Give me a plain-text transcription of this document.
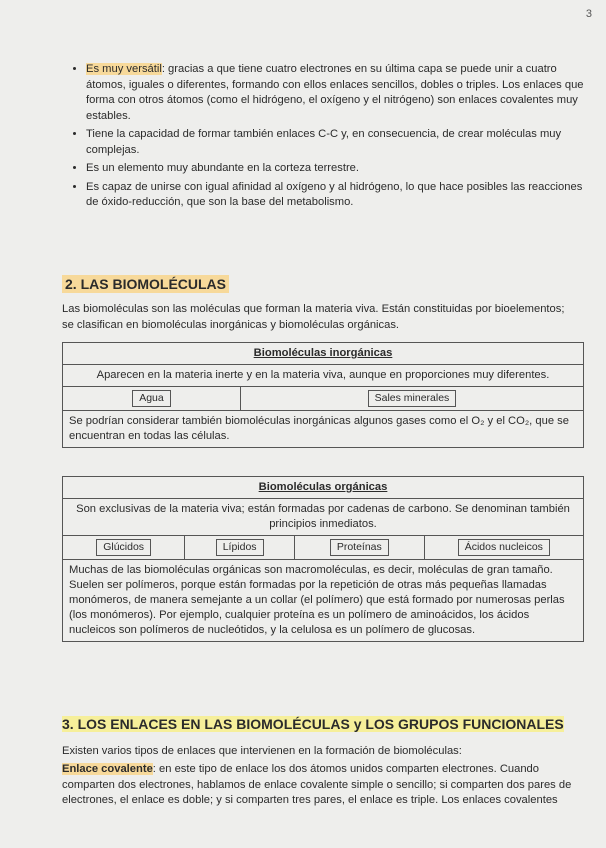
3
• Es muy versátil: gracias a que tiene cuatro electrones en su última capa se puede unir a cuatro átomos, iguales o diferentes, formando con ellos enlaces sencillos, dobles o triples. Los enlaces que forma con otros átomos (como el hidrógeno, el oxígeno y el nitrógeno) son enlaces covalentes muy estables.
• Tiene la capacidad de formar también enlaces C-C y, en consecuencia, de crear moléculas muy complejas.
• Es un elemento muy abundante en la corteza terrestre.
• Es capaz de unirse con igual afinidad al oxígeno y al hidrógeno, lo que hace posibles las reacciones de óxido-reducción, que son la base del metabolismo.
2. LAS BIOMOLÉCULAS
Las biomoléculas son las moléculas que forman la materia viva. Están constituidas por bioelementos; se clasifican en biomoléculas inorgánicas y biomoléculas orgánicas.
Biomoléculas inorgánicas
Aparecen en la materia inerte y en la materia viva, aunque en proporciones muy diferentes.
Agua	Sales minerales
Se podrían considerar también biomoléculas inorgánicas algunos gases como el O₂ y el CO₂, que se encuentran en todas las células.
Biomoléculas orgánicas
Son exclusivas de la materia viva; están formadas por cadenas de carbono. Se denominan también principios inmediatos.
Glúcidos	Lípidos	Proteínas	Ácidos nucleicos
Muchas de las biomoléculas orgánicas son macromoléculas, es decir, moléculas de gran tamaño. Suelen ser polímeros, porque están formadas por la repetición de otras más pequeñas llamadas monómeros, de manera semejante a un collar (el polímero) que está formado por numerosas perlas (los monómeros). Por ejemplo, cualquier proteína es un polímero de aminoácidos, los ácidos nucleicos son polímeros de nucleótidos, y la celulosa es un polímero de glucosas.
3. LOS ENLACES EN LAS BIOMOLÉCULAS y LOS GRUPOS FUNCIONALES
Existen varios tipos de enlaces que intervienen en la formación de biomoléculas:
Enlace covalente: en este tipo de enlace los dos átomos unidos comparten electrones. Cuando comparten dos electrones, hablamos de enlace covalente simple o sencillo; si comparten dos pares de electrones, el enlace es doble; y si comparten tres pares, el enlace es triple. Los enlaces covalentes
